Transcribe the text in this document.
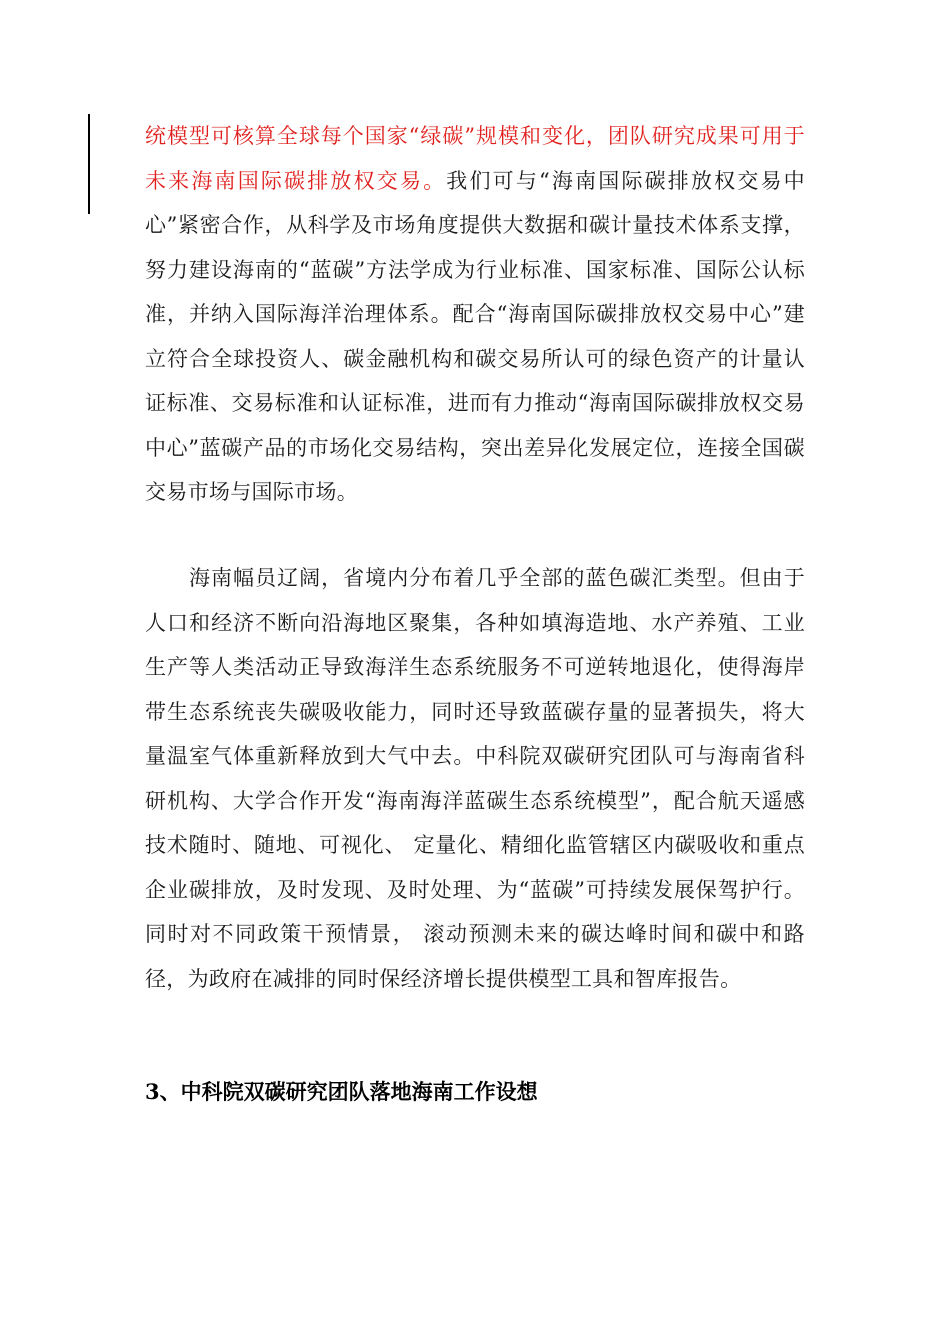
统模型可核算全球每个国家“绿碳”规模和变化，团队研究成果可用于未来海南国际碳排放权交易。我们可与“海南国际碳排放权交易中心”紧密合作，从科学及市场角度提供大数据和碳计量技术体系支撑，努力建设海南的“蓝碳”方法学成为行业标准、国家标准、国际公认标准，并纳入国际海洋治理体系。配合“海南国际碳排放权交易中心”建立符合全球投资人、碳金融机构和碳交易所认可的绿色资产的计量认证标准、交易标准和认证标准，进而有力推动“海南国际碳排放权交易中心”蓝碳产品的市场化交易结构，突出差异化发展定位，连接全国碳交易市场与国际市场。

海南幅员辽阔，省境内分布着几乎全部的蓝色碳汇类型。但由于人口和经济不断向沿海地区聚集，各种如填海造地、水产养殖、工业生产等人类活动正导致海洋生态系统服务不可逆转地退化，使得海岸带生态系统丧失碳吸收能力，同时还导致蓝碳存量的显著损失，将大量温室气体重新释放到大气中去。中科院双碳研究团队可与海南省科研机构、大学合作开发“海南海洋蓝碳生态系统模型”，配合航天遥感技术随时、随地、可视化、 定量化、精细化监管辖区内碳吸收和重点企业碳排放，及时发现、及时处理、为“蓝碳”可持续发展保驾护行。 同时对不同政策干预情景， 滚动预测未来的碳达峰时间和碳中和路径，为政府在减排的同时保经济增长提供模型工具和智库报告。

3、中科院双碳研究团队落地海南工作设想
